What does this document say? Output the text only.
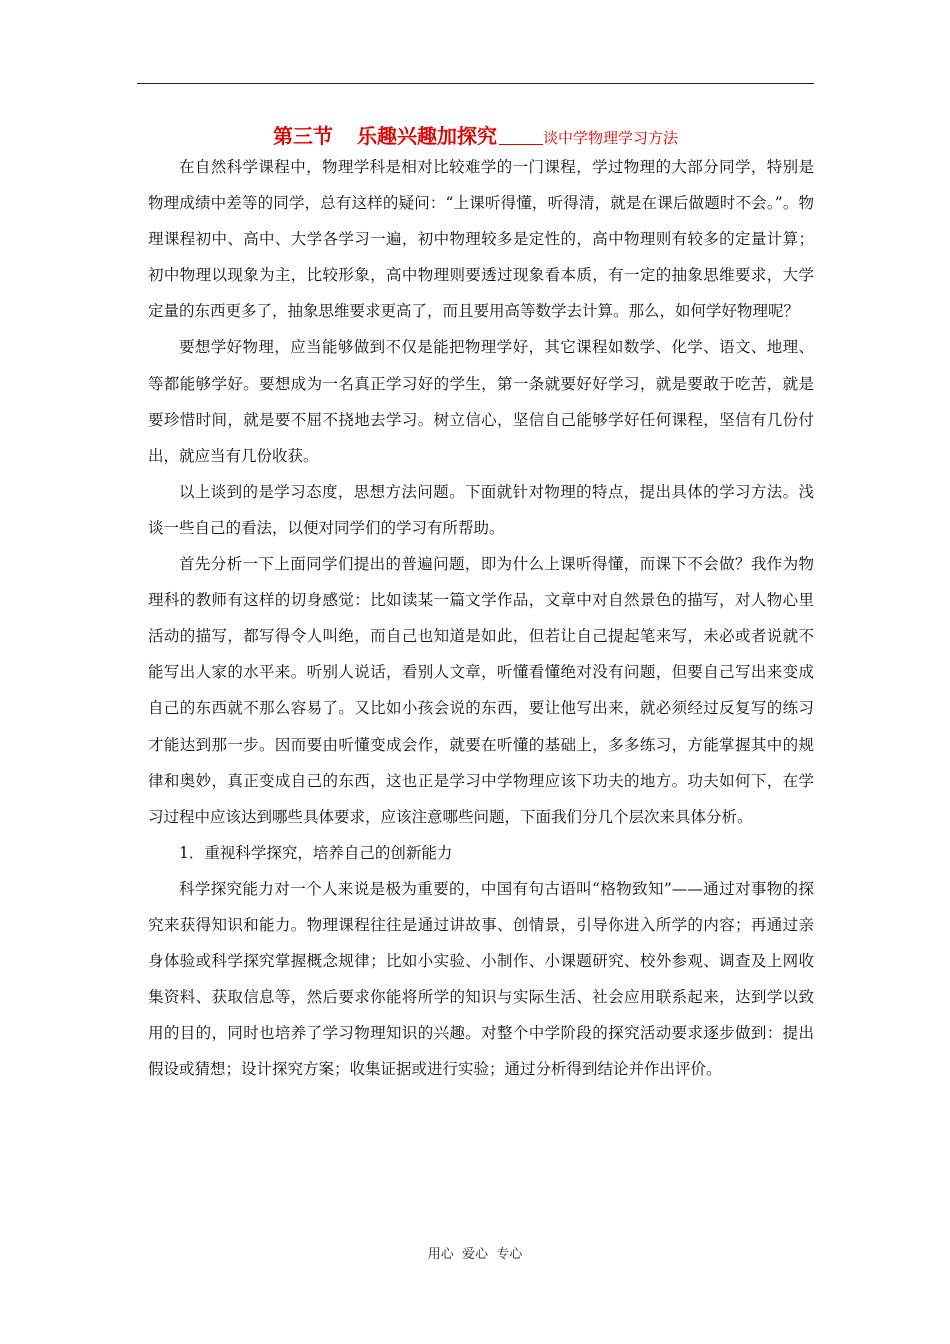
第三节 乐趣兴趣加探究	谈中学物理学习方法

在自然科学课程中，物理学科是相对比较难学的一门课程，学过物理的大部分同学，特别是物理成绩中差等的同学，总有这样的疑问：“上课听得懂，听得清，就是在课后做题时不会。”。物理课程初中、高中、大学各学习一遍，初中物理较多是定性的，高中物理则有较多的定量计算；初中物理以现象为主，比较形象，高中物理则要透过现象看本质，有一定的抽象思维要求，大学定量的东西更多了，抽象思维要求更高了，而且要用高等数学去计算。那么，如何学好物理呢？

要想学好物理，应当能够做到不仅是能把物理学好，其它课程如数学、化学、语文、地理、等都能够学好。要想成为一名真正学习好的学生，第一条就要好好学习，就是要敢于吃苦，就是要珍惜时间，就是要不屈不挠地去学习。树立信心，坚信自己能够学好任何课程，坚信有几份付出，就应当有几份收获。

以上谈到的是学习态度，思想方法问题。下面就针对物理的特点，提出具体的学习方法。浅谈一些自己的看法，以便对同学们的学习有所帮助。

首先分析一下上面同学们提出的普遍问题，即为什么上课听得懂，而课下不会做？我作为物理科的教师有这样的切身感觉：比如读某一篇文学作品，文章中对自然景色的描写，对人物心里活动的描写，都写得令人叫绝，而自己也知道是如此，但若让自己提起笔来写，未必或者说就不能写出人家的水平来。听别人说话，看别人文章，听懂看懂绝对没有问题，但要自己写出来变成自己的东西就不那么容易了。又比如小孩会说的东西，要让他写出来，就必须经过反复写的练习才能达到那一步。因而要由听懂变成会作，就要在听懂的基础上，多多练习，方能掌握其中的规律和奥妙，真正变成自己的东西，这也正是学习中学物理应该下功夫的地方。功夫如何下，在学习过程中应该达到哪些具体要求，应该注意哪些问题，下面我们分几个层次来具体分析。

1．重视科学探究，培养自己的创新能力

科学探究能力对一个人来说是极为重要的，中国有句古语叫“格物致知”——通过对事物的探究来获得知识和能力。物理课程往往是通过讲故事、创情景，引导你进入所学的内容；再通过亲身体验或科学探究掌握概念规律；比如小实验、小制作、小课题研究、校外参观、调查及上网收集资料、获取信息等，然后要求你能将所学的知识与实际生活、社会应用联系起来，达到学以致用的目的，同时也培养了学习物理知识的兴趣。对整个中学阶段的探究活动要求逐步做到：提出假设或猜想；设计探究方案；收集证据或进行实验；通过分析得到结论并作出评价。

用心  爱心  专心
